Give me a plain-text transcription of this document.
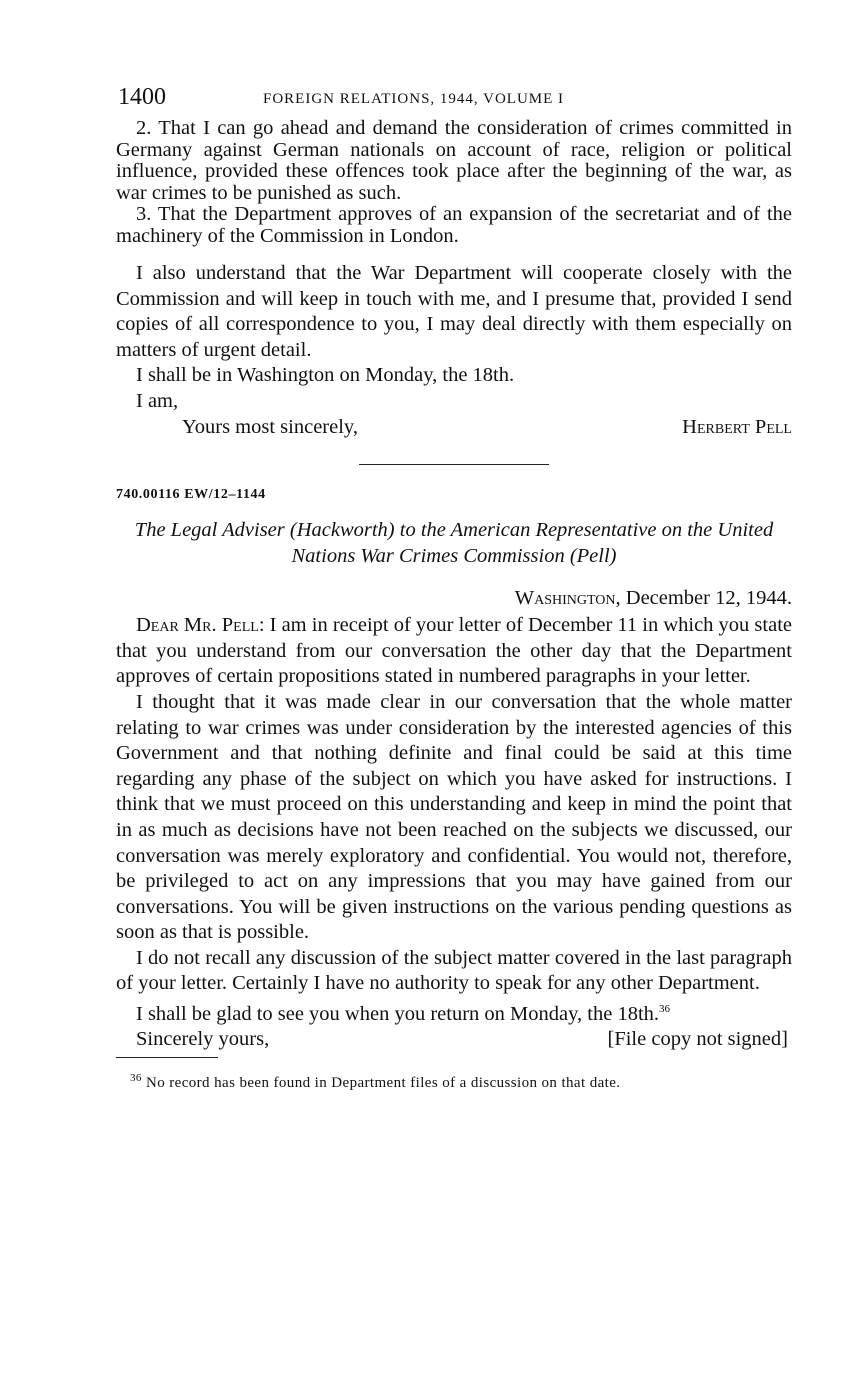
1400	FOREIGN RELATIONS, 1944, VOLUME I

2. That I can go ahead and demand the consideration of crimes committed in Germany against German nationals on account of race, religion or political influence, provided these offences took place after the beginning of the war, as war crimes to be punished as such.

3. That the Department approves of an expansion of the secretariat and of the machinery of the Commission in London.

I also understand that the War Department will cooperate closely with the Commission and will keep in touch with me, and I presume that, provided I send copies of all correspondence to you, I may deal directly with them especially on matters of urgent detail.

I shall be in Washington on Monday, the 18th.

I am,

Yours most sincerely,	Herbert Pell
740.00116 EW/12–1144
The Legal Adviser (Hackworth) to the American Representative on the United Nations War Crimes Commission (Pell)
Washington, December 12, 1944.

Dear Mr. Pell: I am in receipt of your letter of December 11 in which you state that you understand from our conversation the other day that the Department approves of certain propositions stated in numbered paragraphs in your letter.

I thought that it was made clear in our conversation that the whole matter relating to war crimes was under consideration by the interested agencies of this Government and that nothing definite and final could be said at this time regarding any phase of the subject on which you have asked for instructions. I think that we must proceed on this understanding and keep in mind the point that in as much as decisions have not been reached on the subjects we discussed, our conversation was merely exploratory and confidential. You would not, therefore, be privileged to act on any impressions that you may have gained from our conversations. You will be given instructions on the various pending questions as soon as that is possible.

I do not recall any discussion of the subject matter covered in the last paragraph of your letter. Certainly I have no authority to speak for any other Department.

I shall be glad to see you when you return on Monday, the 18th.$^{36}$

Sincerely yours,	[File copy not signed]
$^{36}$ No record has been found in Department files of a discussion on that date.
